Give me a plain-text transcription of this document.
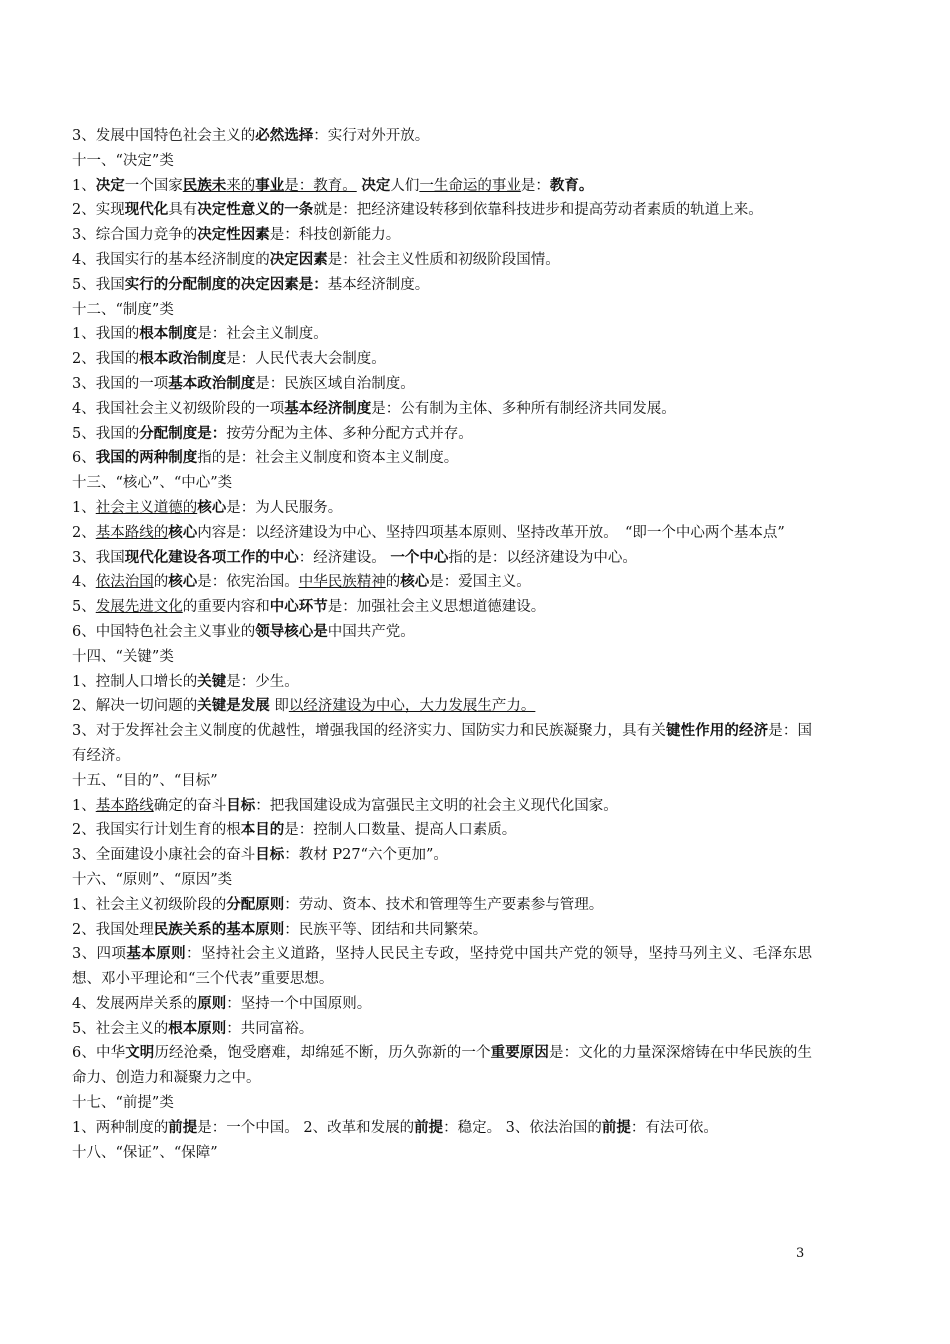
3、发展中国特色社会主义的必然选择：实行对外开放。
十一、“决定”类
1、决定一个国家民族未来的事业是：教育。 决定人们一生命运的事业是：教育。
2、实现现代化具有决定性意义的一条就是：把经济建设转移到依靠科技进步和提高劳动者素质的轨道上来。
3、综合国力竞争的决定性因素是：科技创新能力。
4、我国实行的基本经济制度的决定因素是：社会主义性质和初级阶段国情。
5、我国实行的分配制度的决定因素是：基本经济制度。
十二、“制度”类
1、我国的根本制度是：社会主义制度。
2、我国的根本政治制度是：人民代表大会制度。
3、我国的一项基本政治制度是：民族区域自治制度。
4、我国社会主义初级阶段的一项基本经济制度是：公有制为主体、多种所有制经济共同发展。
5、我国的分配制度是：按劳分配为主体、多种分配方式并存。
6、我国的两种制度指的是：社会主义制度和资本主义制度。
十三、“核心”、“中心”类
1、社会主义道德的核心是：为人民服务。
2、基本路线的核心内容是：以经济建设为中心、坚持四项基本原则、坚持改革开放。　“即一个中心两个基本点”
3、我国现代化建设各项工作的中心：经济建设。 一个中心指的是：以经济建设为中心。
4、依法治国的核心是：依宪治国。中华民族精神的核心是：爱国主义。
5、发展先进文化的重要内容和中心环节是：加强社会主义思想道德建设。
6、中国特色社会主义事业的领导核心是中国共产党。
十四、“关键”类
1、控制人口增长的关键是：少生。
2、解决一切问题的关键是发展 即以经济建设为中心，大力发展生产力。
3、对于发挥社会主义制度的优越性，增强我国的经济实力、国防实力和民族凝聚力，具有关键性作用的经济是：国有经济。
十五、“目的”、“目标”
1、基本路线确定的奋斗目标：把我国建设成为富强民主文明的社会主义现代化国家。
2、我国实行计划生育的根本目的是：控制人口数量、提高人口素质。
3、全面建设小康社会的奋斗目标：教材 P27“六个更加”。
十六、“原则”、“原因”类
1、社会主义初级阶段的分配原则：劳动、资本、技术和管理等生产要素参与管理。
2、我国处理民族关系的基本原则：民族平等、团结和共同繁荣。
3、四项基本原则：坚持社会主义道路，坚持人民民主专政，坚持党中国共产党的领导，坚持马列主义、毛泽东思想、邓小平理论和“三个代表”重要思想。
4、发展两岸关系的原则：坚持一个中国原则。
5、社会主义的根本原则：共同富裕。
6、中华文明历经沧桑，饱受磨难，却绵延不断，历久弥新的一个重要原因是：文化的力量深深熔铸在中华民族的生命力、创造力和凝聚力之中。
十七、“前提”类
1、两种制度的前提是：一个中国。 2、改革和发展的前提：稳定。 3、依法治国的前提：有法可依。
十八、“保证”、“保障”
3
